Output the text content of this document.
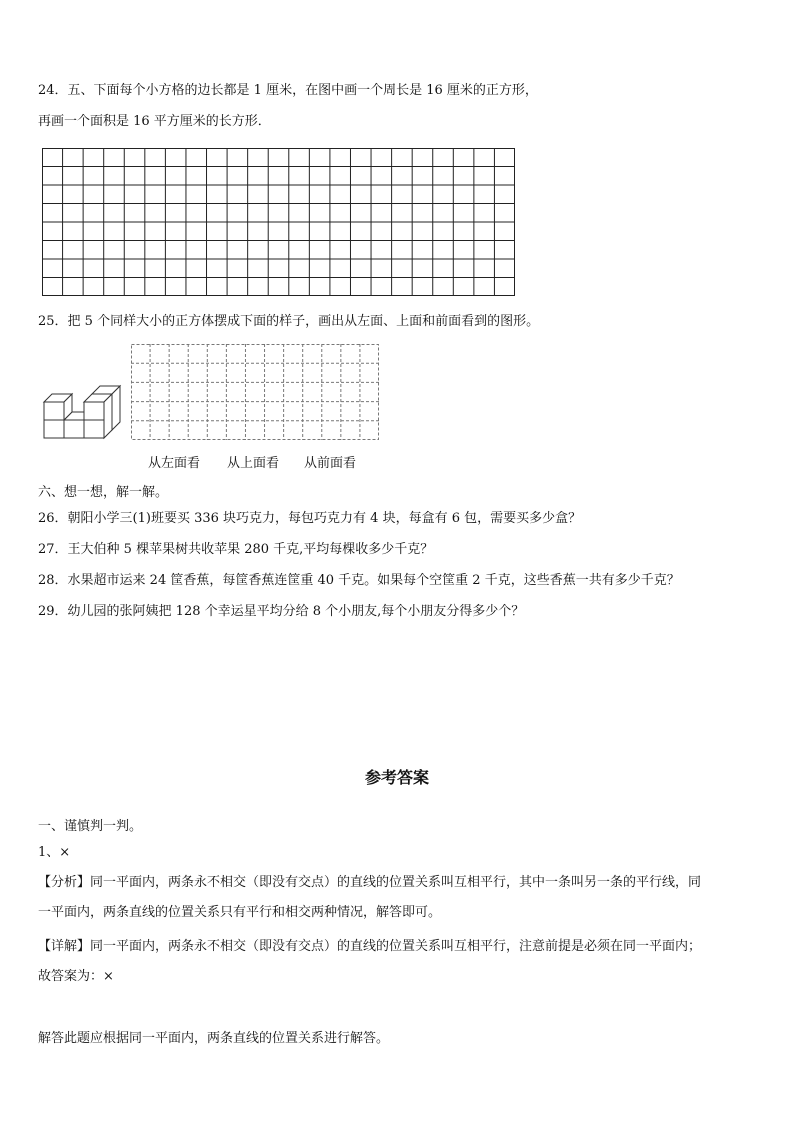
24．五、下面每个小方格的边长都是 1 厘米，在图中画一个周长是 16 厘米的正方形，
再画一个面积是 16 平方厘米的长方形．
25．把 5 个同样大小的正方体摆成下面的样子，画出从左面、上面和前面看到的图形。
从左面看 从上面看 从前面看
六、想一想，解一解。
26．朝阳小学三(1)班要买 336 块巧克力，每包巧克力有 4 块，每盒有 6 包，需要买多少盒？
27．王大伯种 5 棵苹果树共收苹果 280 千克,平均每棵收多少千克？
28．水果超市运来 24 筐香蕉，每筐香蕉连筐重 40 千克。如果每个空筐重 2 千克，这些香蕉一共有多少千克？
29．幼儿园的张阿姨把 128 个幸运星平均分给 8 个小朋友,每个小朋友分得多少个？
参考答案
一、谨慎判一判。
1、×
【分析】同一平面内，两条永不相交（即没有交点）的直线的位置关系叫互相平行，其中一条叫另一条的平行线，同
一平面内，两条直线的位置关系只有平行和相交两种情况，解答即可。
【详解】同一平面内，两条永不相交（即没有交点）的直线的位置关系叫互相平行，注意前提是必须在同一平面内；
故答案为：×
解答此题应根据同一平面内，两条直线的位置关系进行解答。
